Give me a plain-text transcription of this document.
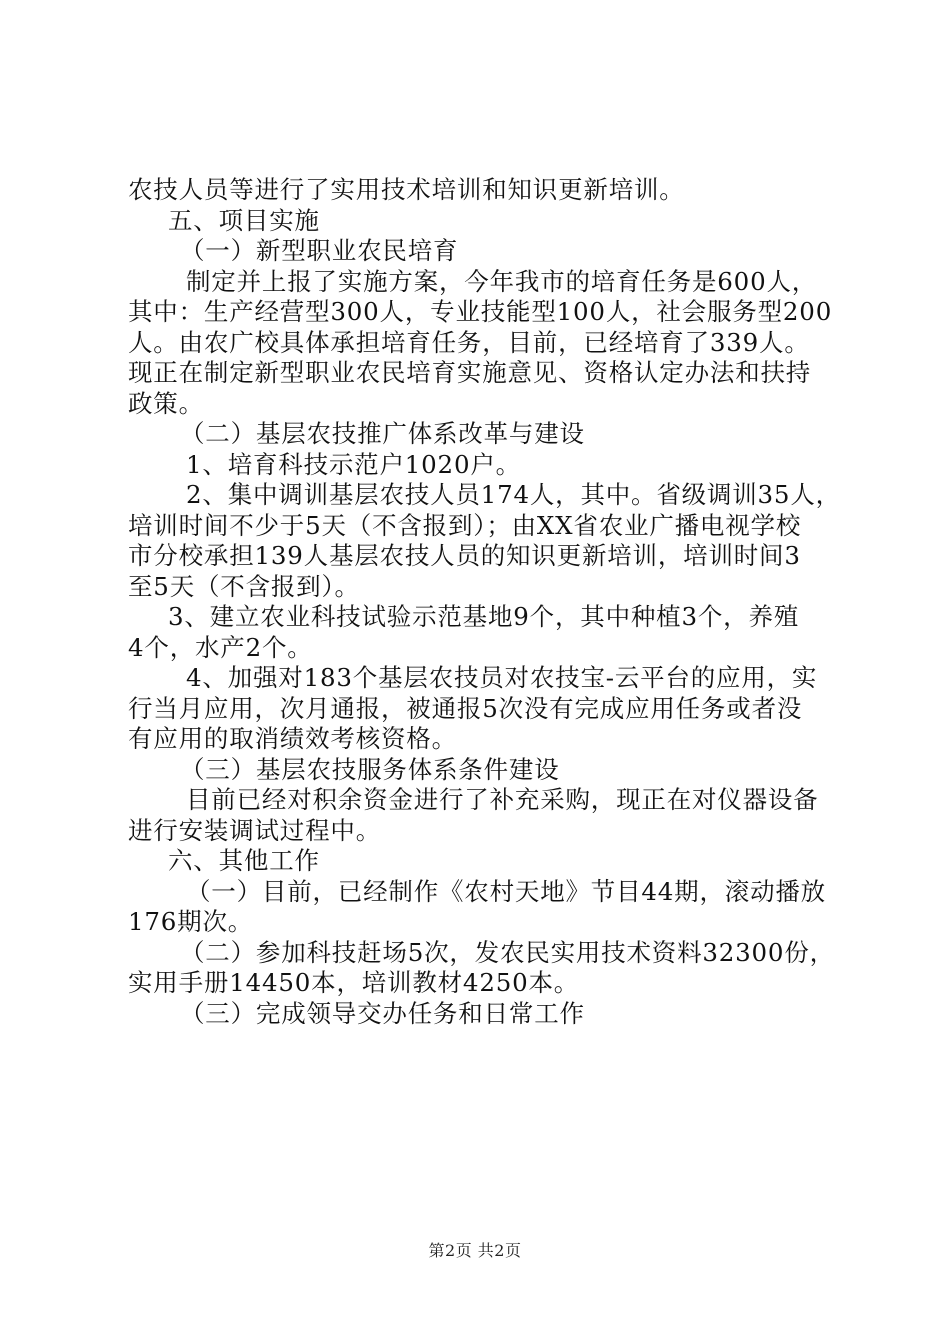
农技人员等进行了实用技术培训和知识更新培训。
五、项目实施
（一）新型职业农民培育
制定并上报了实施方案，今年我市的培育任务是600人，
其中：生产经营型300人，专业技能型100人，社会服务型200
人。由农广校具体承担培育任务，目前，已经培育了339人。
现正在制定新型职业农民培育实施意见、资格认定办法和扶持
政策。
（二）基层农技推广体系改革与建设
1、培育科技示范户1020户。
2、集中调训基层农技人员174人，其中。省级调训35人，
培训时间不少于5天（不含报到）；由XX省农业广播电视学校
市分校承担139人基层农技人员的知识更新培训，培训时间3
至5天（不含报到）。
3、建立农业科技试验示范基地9个，其中种植3个，养殖
4个，水产2个。
4、加强对183个基层农技员对农技宝-云平台的应用，实
行当月应用，次月通报，被通报5次没有完成应用任务或者没
有应用的取消绩效考核资格。
（三）基层农技服务体系条件建设
目前已经对积余资金进行了补充采购，现正在对仪器设备
进行安装调试过程中。
六、其他工作
（一）目前，已经制作《农村天地》节目44期，滚动播放
176期次。
（二）参加科技赶场5次，发农民实用技术资料32300份，
实用手册14450本，培训教材4250本。
（三）完成领导交办任务和日常工作
第2页 共2页
